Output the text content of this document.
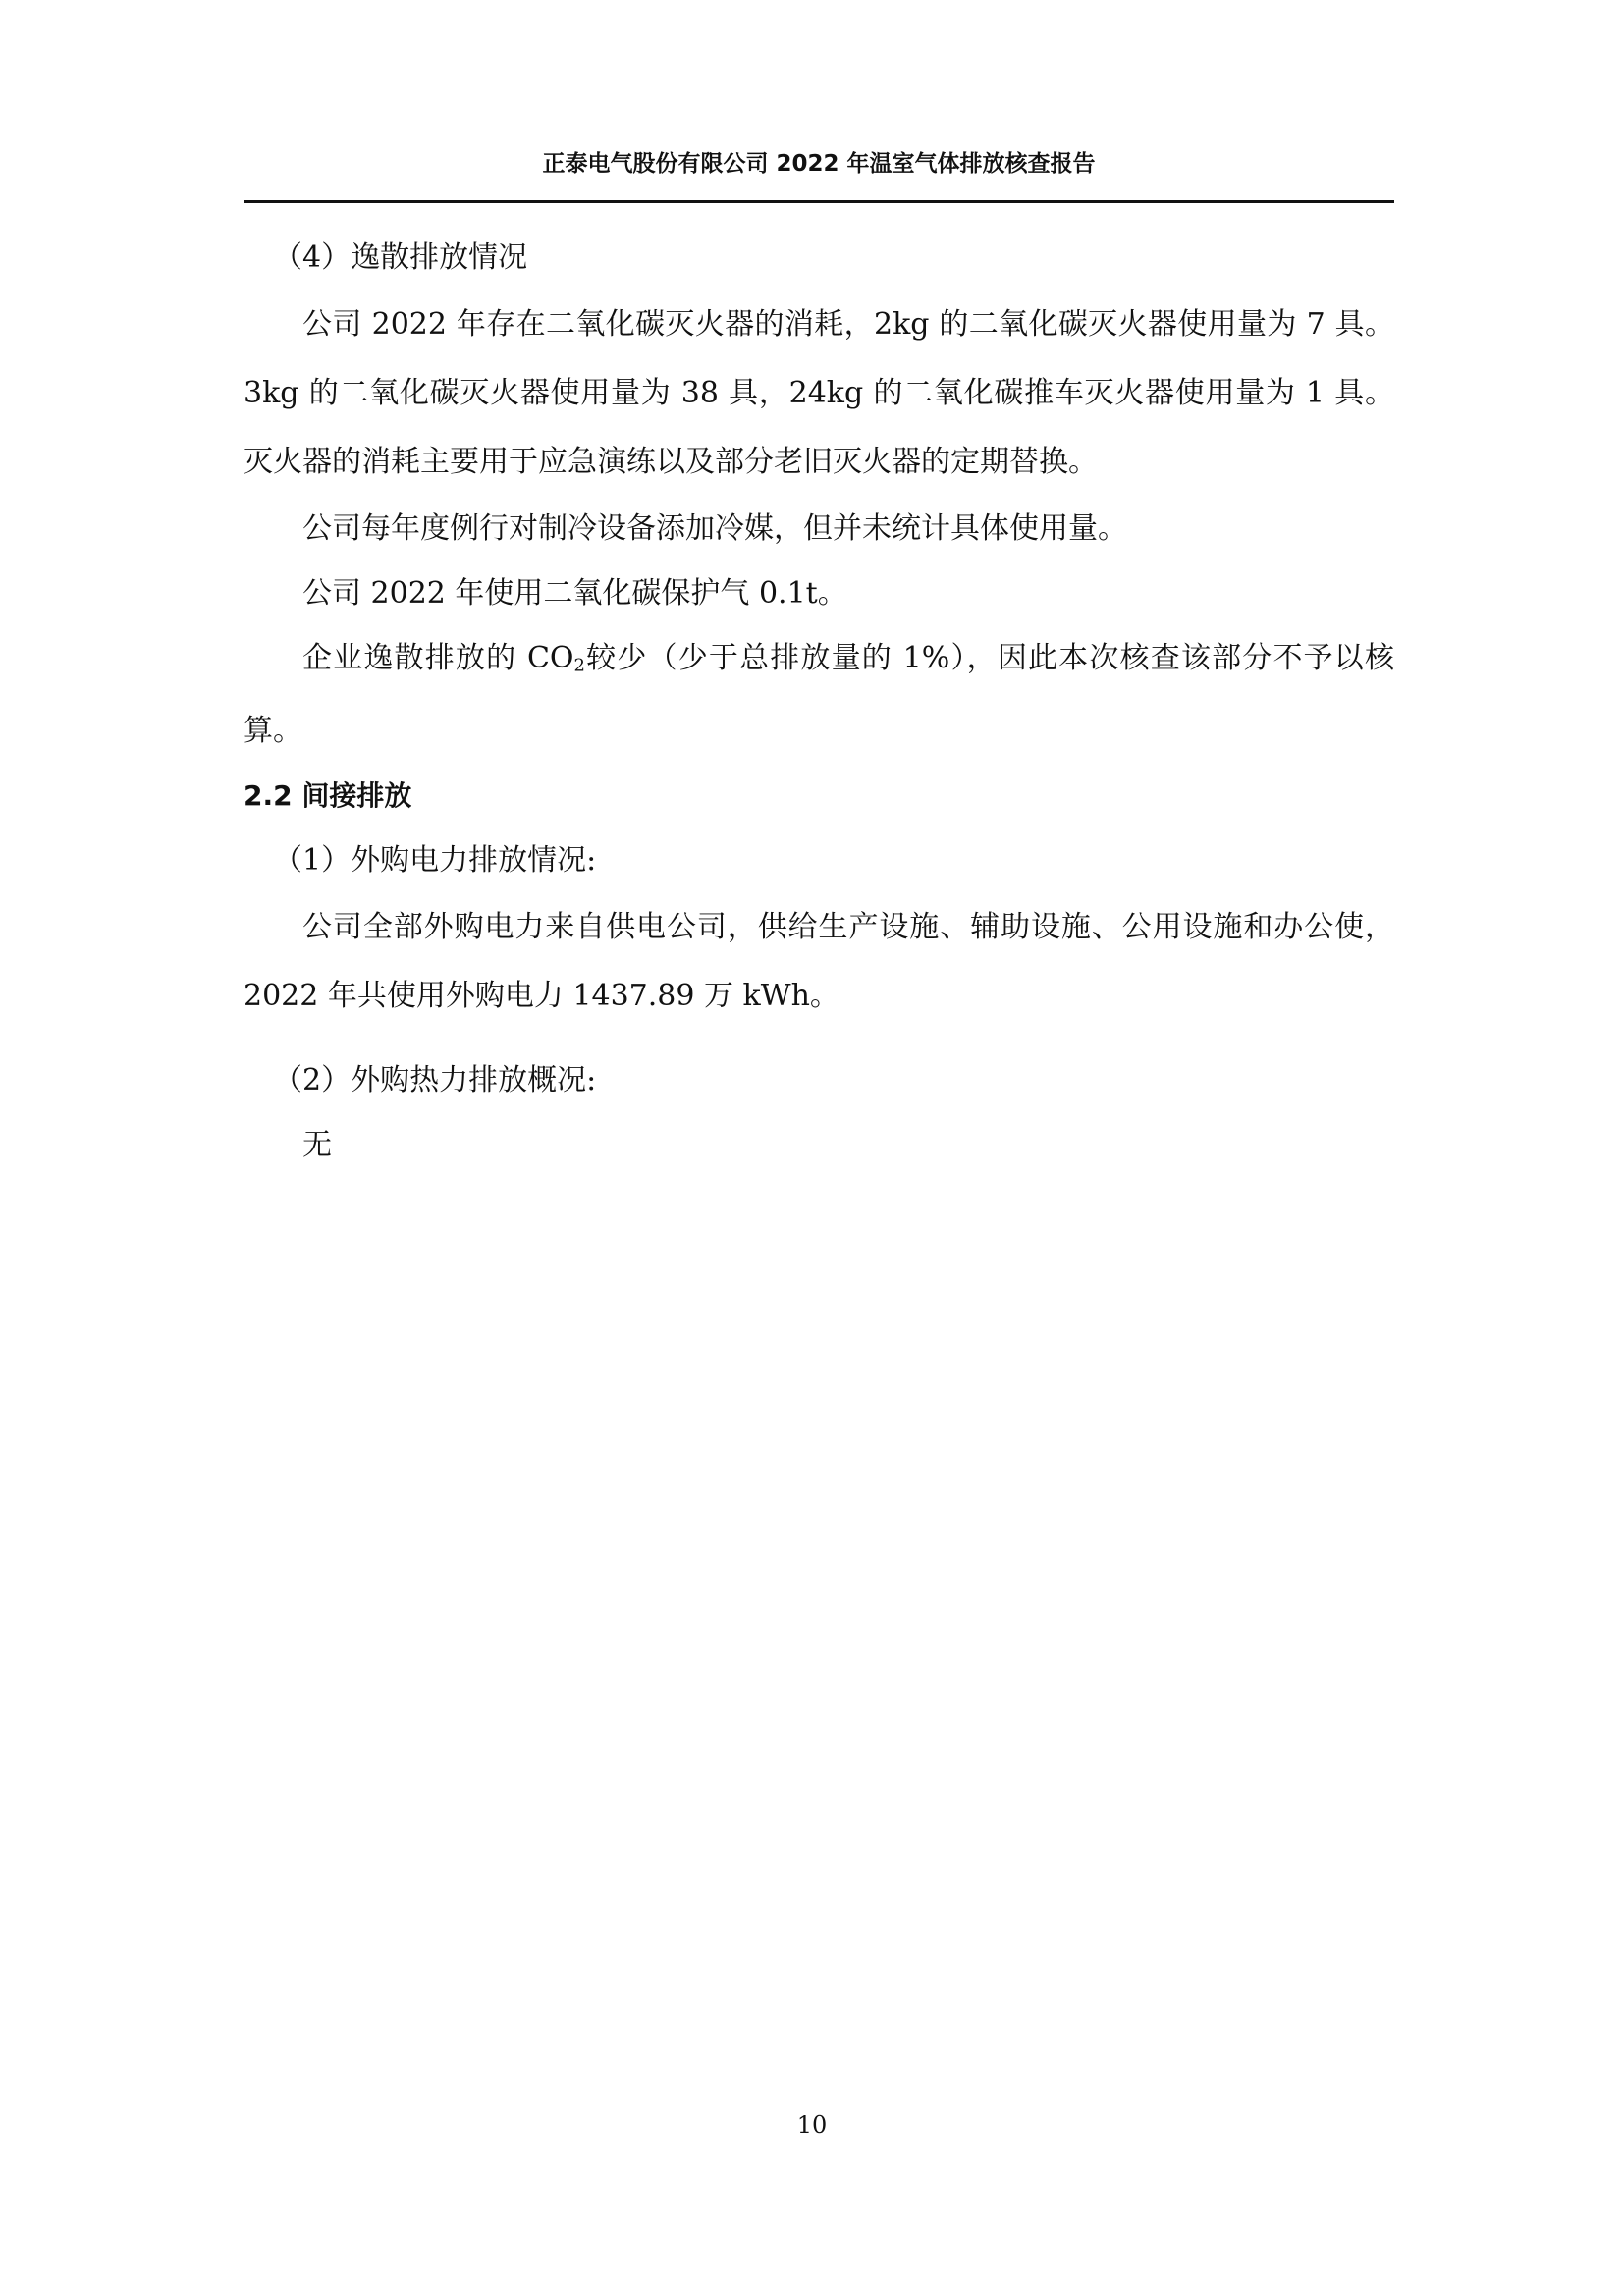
正泰电气股份有限公司 2022 年温室气体排放核查报告

（4）逸散排放情况

公司 2022 年存在二氧化碳灭火器的消耗，2kg 的二氧化碳灭火器使用量为 7 具。3kg 的二氧化碳灭火器使用量为 38 具，24kg 的二氧化碳推车灭火器使用量为 1 具。灭火器的消耗主要用于应急演练以及部分老旧灭火器的定期替换。

公司每年度例行对制冷设备添加冷媒，但并未统计具体使用量。

公司 2022 年使用二氧化碳保护气 0.1t。

企业逸散排放的 $CO_2$较少（少于总排放量的 1%），因此本次核查该部分不予以核算。

2.2 间接排放

（1）外购电力排放情况:

公司全部外购电力来自供电公司，供给生产设施、辅助设施、公用设施和办公使，2022 年共使用外购电力 1437.89 万 kWh。

（2）外购热力排放概况:

无

10
